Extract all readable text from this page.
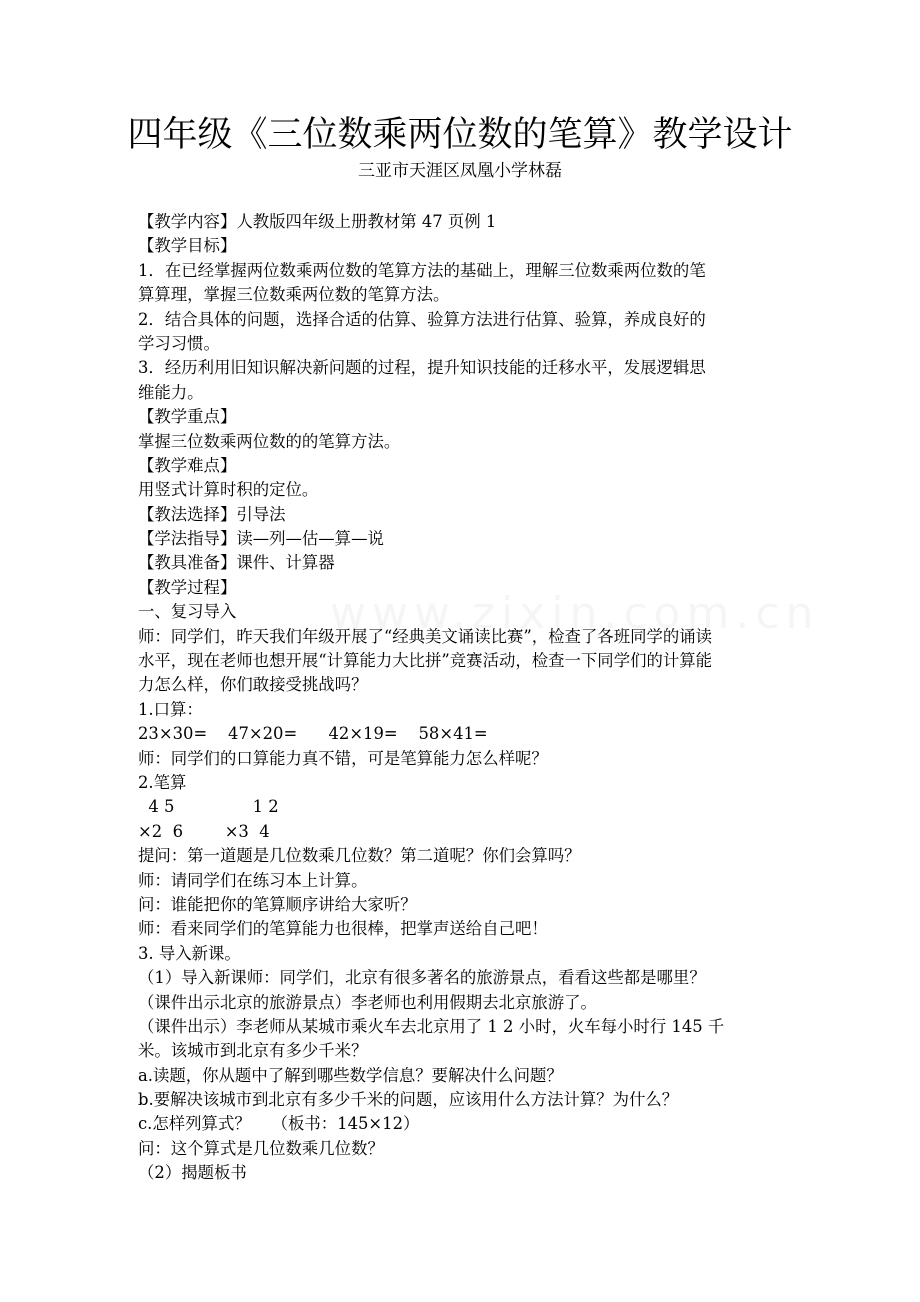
四年级《三位数乘两位数的笔算》教学设计
三亚市天涯区凤凰小学林磊
【教学内容】人教版四年级上册教材第 47 页例 1
【教学目标】
1．在已经掌握两位数乘两位数的笔算方法的基础上，理解三位数乘两位数的笔
算算理，掌握三位数乘两位数的笔算方法。
2．结合具体的问题，选择合适的估算、验算方法进行估算、验算，养成良好的
学习习惯。
3．经历利用旧知识解决新问题的过程，提升知识技能的迁移水平，发展逻辑思
维能力。
【教学重点】
掌握三位数乘两位数的的笔算方法。
【教学难点】
用竖式计算时积的定位。
【教法选择】引导法
【学法指导】读—列—估—算—说
【教具准备】课件、计算器
【教学过程】
一、复习导入
师：同学们，昨天我们年级开展了“经典美文诵读比赛”，检查了各班同学的诵读
水平，现在老师也想开展“计算能力大比拼”竞赛活动，检查一下同学们的计算能
力怎么样，你们敢接受挑战吗？
1.口算：
23×30=    47×20=      42×19=    58×41=
师：同学们的口算能力真不错，可是笔算能力怎么样呢？
2.笔算
4 5               1 2
×2  6        ×3  4
提问：第一道题是几位数乘几位数？第二道呢？你们会算吗？
师：请同学们在练习本上计算。
问：谁能把你的笔算顺序讲给大家听？
师：看来同学们的笔算能力也很棒，把掌声送给自己吧！
3. 导入新课。
（1）导入新课师：同学们，北京有很多著名的旅游景点，看看这些都是哪里？
（课件出示北京的旅游景点）李老师也利用假期去北京旅游了。
（课件出示）李老师从某城市乘火车去北京用了 1 2 小时，火车每小时行 145 千
米。该城市到北京有多少千米？
a.读题，你从题中了解到哪些数学信息？要解决什么问题？
b.要解决该城市到北京有多少千米的问题，应该用什么方法计算？为什么？
c.怎样列算式？    （板书：145×12）
问：这个算式是几位数乘几位数？
（2）揭题板书
